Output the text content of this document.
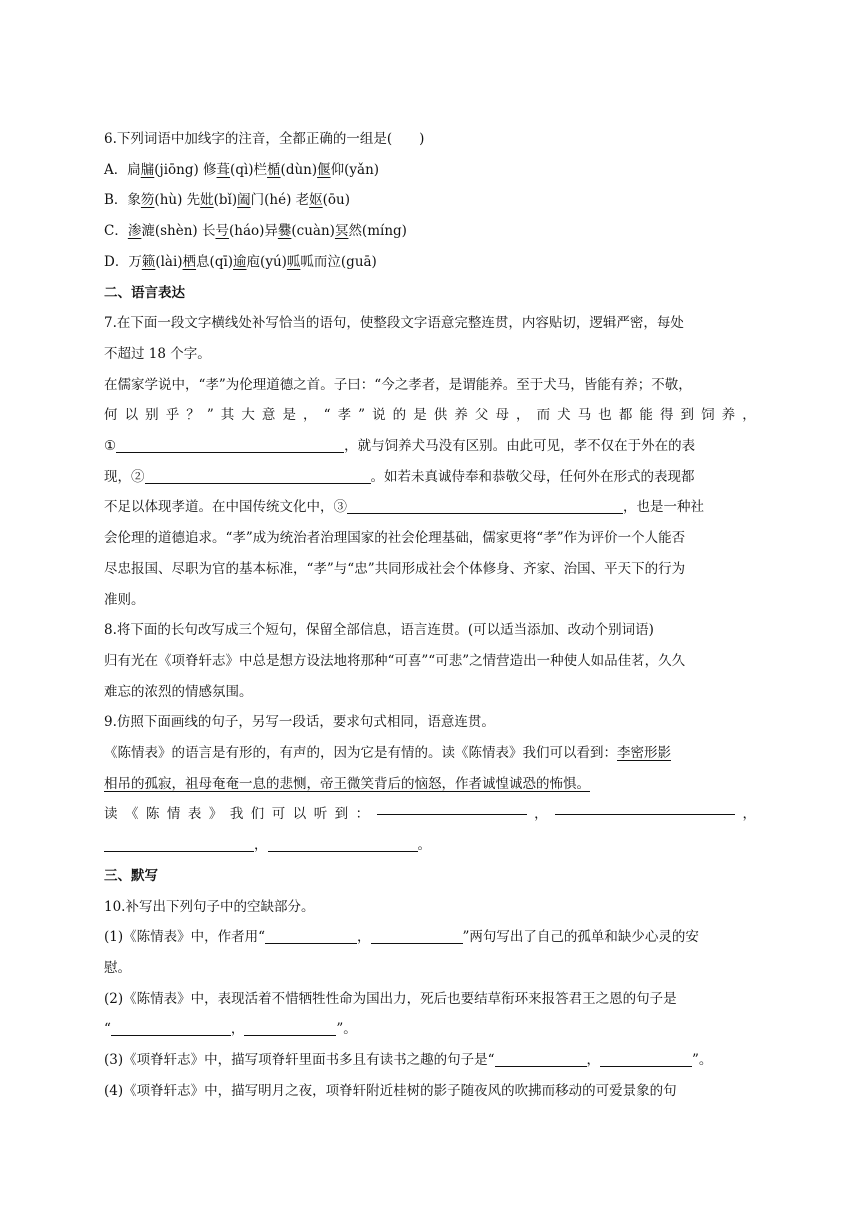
6.下列词语中加线字的注音，全都正确的一组是(　　)
A．扃牖(jiōng) 修葺(qì)栏楯(dùn)偃仰(yǎn)
B．象笏(hù) 先妣(bǐ)阖门(hé) 老妪(ōu)
C．渗漉(shèn) 长号(háo)异爨(cuàn)冥然(míng)
D．万籁(lài)栖息(qī)逾庖(yú)呱呱而泣(guā)
二、语言表达
7.在下面一段文字横线处补写恰当的语句，使整段文字语意完整连贯，内容贴切，逻辑严密，每处
不超过 18 个字。
在儒家学说中，“孝”为伦理道德之首。子曰：“今之孝者，是谓能养。至于犬马，皆能有养；不敬，
何 以 别 乎 ？ ” 其 大 意 是 ， “ 孝 ” 说 的 是 供 养 父 母 ， 而 犬 马 也 都 能 得 到 饲 养 ，
①	，就与饲养犬马没有区别。由此可见，孝不仅在于外在的表
现，②	。如若未真诚侍奉和恭敬父母，任何外在形式的表现都
不足以体现孝道。在中国传统文化中，③	，也是一种社
会伦理的道德追求。“孝”成为统治者治理国家的社会伦理基础，儒家更将“孝”作为评价一个人能否
尽忠报国、尽职为官的基本标准，“孝”与“忠”共同形成社会个体修身、齐家、治国、平天下的行为
准则。
8.将下面的长句改写成三个短句，保留全部信息，语言连贯。(可以适当添加、改动个别词语)
归有光在《项脊轩志》中总是想方设法地将那种“可喜”“可悲”之情营造出一种使人如品佳茗，久久
难忘的浓烈的情感氛围。
9.仿照下面画线的句子，另写一段话，要求句式相同，语意连贯。
《陈情表》的语言是有形的，有声的，因为它是有情的。读《陈情表》我们可以看到：李密形影
相吊的孤寂，祖母奄奄一息的悲恻，帝王微笑背后的恼怒，作者诚惶诚恐的怖惧。
读 《 陈 情 表 》 我 们 可 以 听 到 ：	，	，
，	。
三、默写
10.补写出下列句子中的空缺部分。
(1)《陈情表》中，作者用“	，	”两句写出了自己的孤单和缺少心灵的安
慰。
(2)《陈情表》中，表现活着不惜牺牲性命为国出力，死后也要结草衔环来报答君王之恩的句子是
“	，	”。
(3)《项脊轩志》中，描写项脊轩里面书多且有读书之趣的句子是“	，	”。
(4)《项脊轩志》中，描写明月之夜，项脊轩附近桂树的影子随夜风的吹拂而移动的可爱景象的句
